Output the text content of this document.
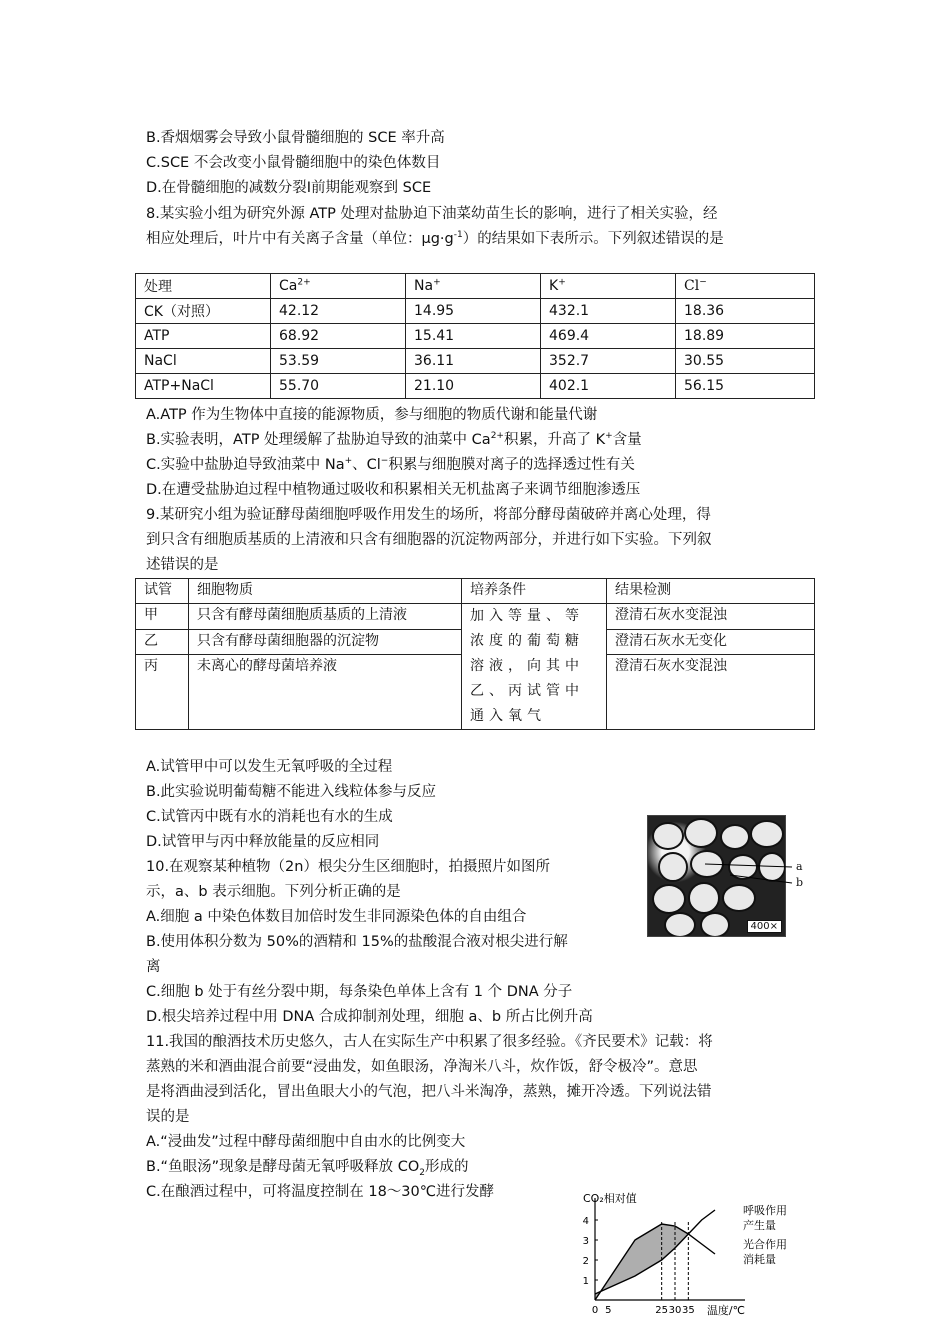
B.香烟烟雾会导致小鼠骨髓细胞的 SCE 率升高
C.SCE 不会改变小鼠骨髓细胞中的染色体数目
D.在骨髓细胞的减数分裂Ⅰ前期能观察到 SCE
8.某实验小组为研究外源 ATP 处理对盐胁迫下油菜幼苗生长的影响，进行了相关实验，经
相应处理后，叶片中有关离子含量（单位：$\mu g\cdot g^{-1}$）的结果如下表所示。下列叙述错误的是
处理	$Ca^{2+}$	Na+	K+	Cl−
CK（对照）	42.12	14.95	432.1	18.36
ATP	68.92	15.41	469.4	18.89
NaCl	53.59	36.11	352.7	30.55
ATP+NaCl	55.70	21.10	402.1	56.15
A.ATP 作为生物体中直接的能源物质，参与细胞的物质代谢和能量代谢
B.实验表明，ATP 处理缓解了盐胁迫导致的油菜中 $Ca^{2+}$积累，升高了 K+含量
C.实验中盐胁迫导致油菜中 Na+、Cl−积累与细胞膜对离子的选择透过性有关
D.在遭受盐胁迫过程中植物通过吸收和积累相关无机盐离子来调节细胞渗透压
9.某研究小组为验证酵母菌细胞呼吸作用发生的场所，将部分酵母菌破碎并离心处理，得
到只含有细胞质基质的上清液和只含有细胞器的沉淀物两部分，并进行如下实验。下列叙
述错误的是
试管	细胞物质	培养条件	结果检测
甲	只含有酵母菌细胞质基质的上清液	加入等量、等浓度的葡萄糖溶液，向其中乙、丙试管中通入氧气	澄清石灰水变混浊
乙	只含有酵母菌细胞器的沉淀物		澄清石灰水无变化
丙	未离心的酵母菌培养液		澄清石灰水变混浊
A.试管甲中可以发生无氧呼吸的全过程
B.此实验说明葡萄糖不能进入线粒体参与反应
C.试管丙中既有水的消耗也有水的生成
D.试管甲与丙中释放能量的反应相同
10.在观察某种植物（2n）根尖分生区细胞时，拍摄照片如图所
示，a、b 表示细胞。下列分析正确的是
A.细胞 a 中染色体数目加倍时发生非同源染色体的自由组合
B.使用体积分数为 50%的酒精和 15%的盐酸混合液对根尖进行解
离
C.细胞 b 处于有丝分裂中期，每条染色单体上含有 1 个 DNA 分子
D.根尖培养过程中用 DNA 合成抑制剂处理，细胞 a、b 所占比例升高
400×
a
b
11.我国的酿酒技术历史悠久，古人在实际生产中积累了很多经验。《齐民要术》记载：将
蒸熟的米和酒曲混合前要“浸曲发，如鱼眼汤，净淘米八斗，炊作饭，舒令极冷”。意思
是将酒曲浸到活化，冒出鱼眼大小的气泡，把八斗米淘净，蒸熟，摊开冷透。下列说法错
误的是
A.“浸曲发”过程中酵母菌细胞中自由水的比例变大
B.“鱼眼汤”现象是酵母菌无氧呼吸释放 $CO_2$形成的
C.在酿酒过程中，可将温度控制在 18～30℃进行发酵	CO₂相对值
温度/℃
1
2
3
4
0 5	25 30 35
呼吸作用
产生量
光合作用
消耗量
